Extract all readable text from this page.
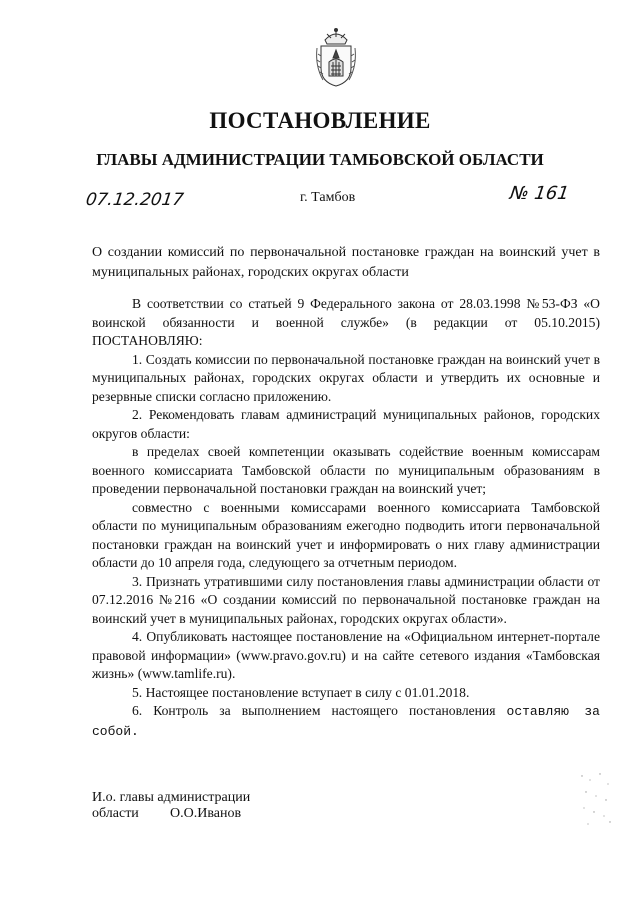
ПОСТАНОВЛЕНИЕ
ГЛАВЫ АДМИНИСТРАЦИИ ТАМБОВСКОЙ ОБЛАСТИ
07.12.2017	г. Тамбов	№ 161
О создании комиссий по первоначальной постановке граждан на воинский учет в муниципальных районах, городских округах области

В соответствии со статьей 9 Федерального закона от 28.03.1998 №53-ФЗ «О воинской обязанности и военной службе» (в редакции от 05.10.2015) ПОСТАНОВЛЯЮ:

1. Создать комиссии по первоначальной постановке граждан на воинский учет в муниципальных районах, городских округах области и утвердить их основные и резервные списки согласно приложению.

2. Рекомендовать главам администраций муниципальных районов, городских округов области:

в пределах своей компетенции оказывать содействие военным комиссарам военного комиссариата Тамбовской области по муниципальным образованиям в проведении первоначальной постановки граждан на воинский учет;

совместно с военными комиссарами военного комиссариата Тамбовской области по муниципальным образованиям ежегодно подводить итоги первоначальной постановки граждан на воинский учет и информировать о них главу администрации области до 10 апреля года, следующего за отчетным периодом.

3. Признать утратившими силу постановления главы администрации области от 07.12.2016 №216 «О создании комиссий по первоначальной постановке граждан на воинский учет в муниципальных районах, городских округах области».

4. Опубликовать настоящее постановление на «Официальном интернет-портале правовой информации» (www.pravo.gov.ru) и на сайте сетевого издания «Тамбовская жизнь» (www.tamlife.ru).

5. Настоящее постановление вступает в силу с 01.01.2018.

6. Контроль за выполнением настоящего постановления оставляю за собой.

И.о. главы администрации
области О.О.Иванов
